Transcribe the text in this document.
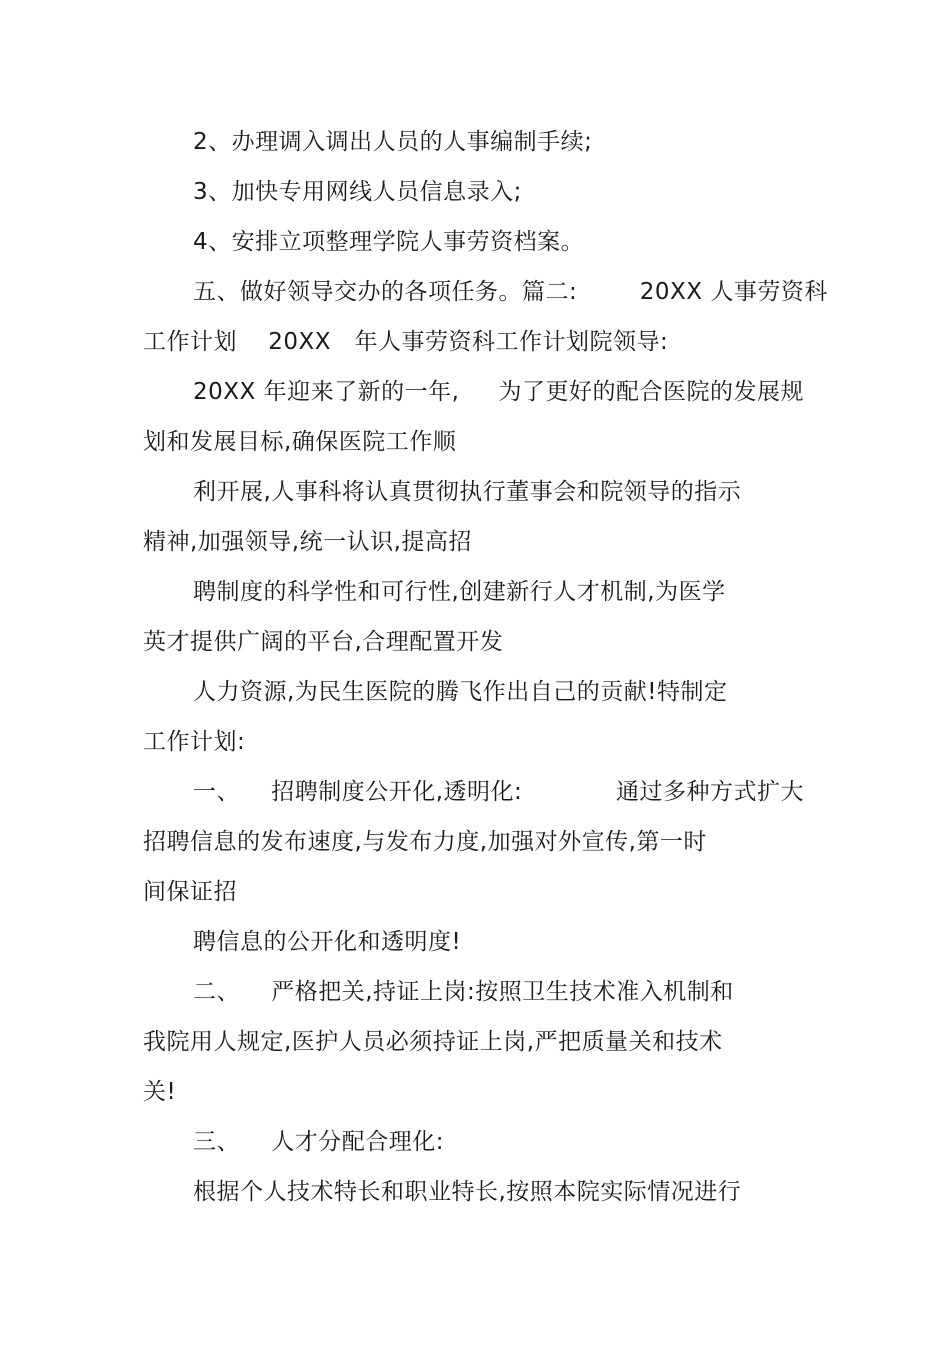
2、办理调入调出人员的人事编制手续;
3、加快专用网线人员信息录入;
4、安排立项整理学院人事劳资档案。
五、做好领导交办的各项任务。篇二:        20XX 人事劳资科
工作计划    20XX   年人事劳资科工作计划院领导:
20XX 年迎来了新的一年,     为了更好的配合医院的发展规
划和发展目标,确保医院工作顺
利开展,人事科将认真贯彻执行董事会和院领导的指示
精神,加强领导,统一认识,提高招
聘制度的科学性和可行性,创建新行人才机制,为医学
英才提供广阔的平台,合理配置开发
人力资源,为民生医院的腾飞作出自己的贡献!特制定
工作计划:
一、    招聘制度公开化,透明化:            通过多种方式扩大
招聘信息的发布速度,与发布力度,加强对外宣传,第一时
间保证招
聘信息的公开化和透明度!
二、    严格把关,持证上岗:按照卫生技术准入机制和
我院用人规定,医护人员必须持证上岗,严把质量关和技术
关!
三、    人才分配合理化:
根据个人技术特长和职业特长,按照本院实际情况进行
